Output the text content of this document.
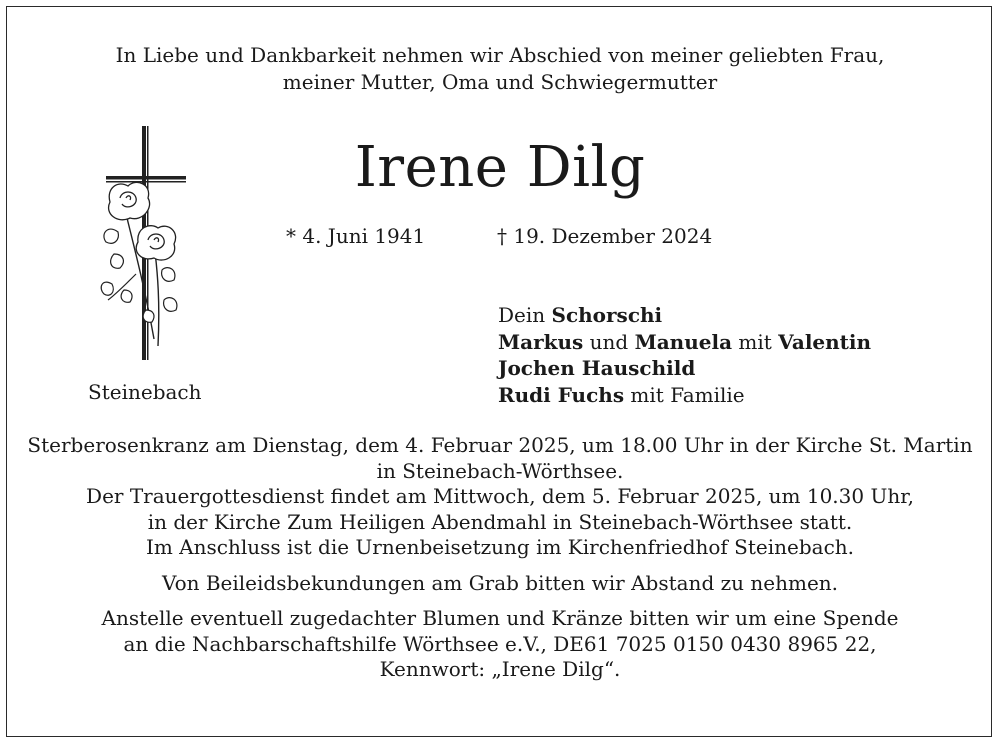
In Liebe und Dankbarkeit nehmen wir Abschied von meiner geliebten Frau,
meiner Mutter, Oma und Schwiegermutter
Irene Dilg
* 4. Juni 1941	† 19. Dezember 2024
Steinebach
Dein Schorschi
Markus und Manuela mit Valentin
Jochen Hauschild
Rudi Fuchs mit Familie
Sterberosenkranz am Dienstag, dem 4. Februar 2025, um 18.00 Uhr in der Kirche St. Martin
in Steinebach-Wörthsee.
Der Trauergottesdienst findet am Mittwoch, dem 5. Februar 2025, um 10.30 Uhr,
in der Kirche Zum Heiligen Abendmahl in Steinebach-Wörthsee statt.
Im Anschluss ist die Urnenbeisetzung im Kirchenfriedhof Steinebach.
Von Beileidsbekundungen am Grab bitten wir Abstand zu nehmen.
Anstelle eventuell zugedachter Blumen und Kränze bitten wir um eine Spende
an die Nachbarschaftshilfe Wörthsee e.V., DE61 7025 0150 0430 8965 22,
Kennwort: „Irene Dilg“.
